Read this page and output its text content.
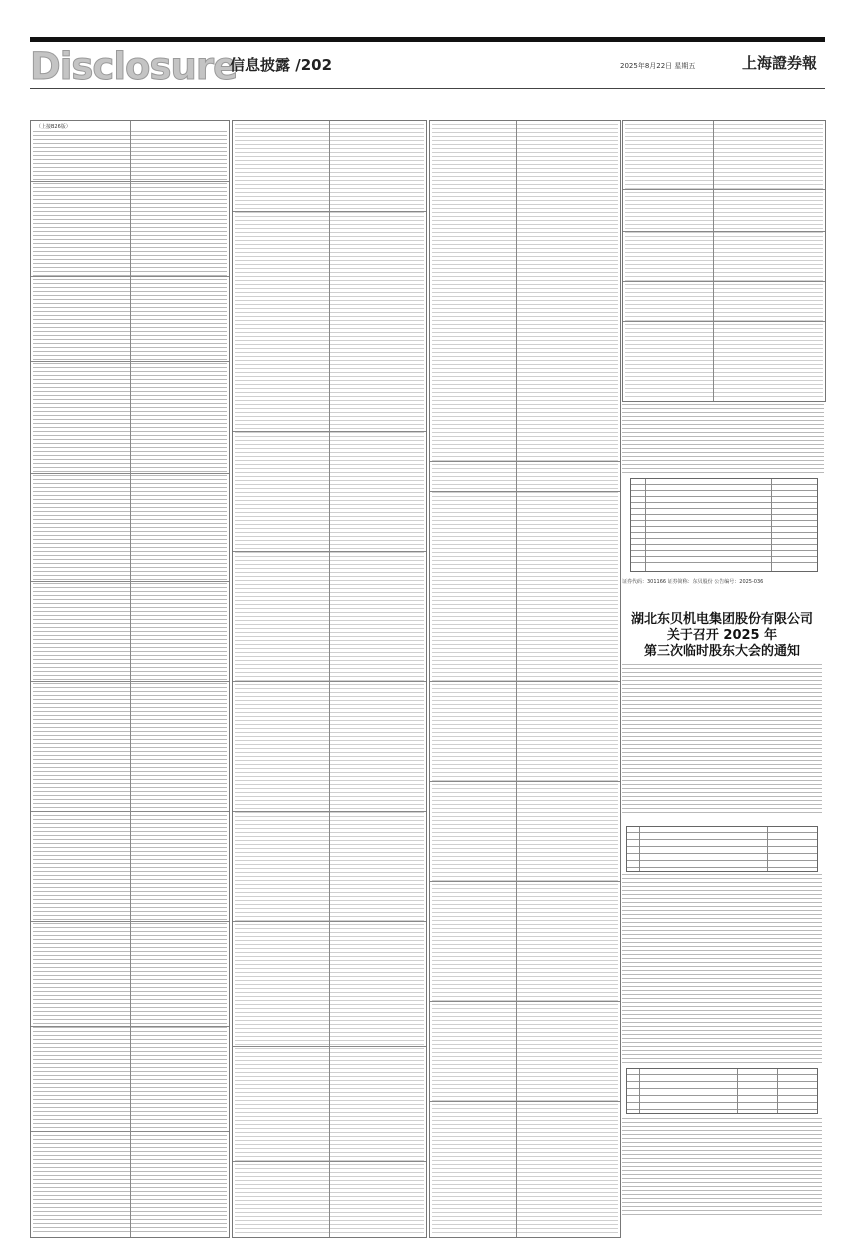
Disclosure
信息披露 /202	2025年8月22日 星期五	上海證券報
（上接B26版）
证券代码：301166 证券简称：东贝股份 公告编号：2025-036
湖北东贝机电集团股份有限公司
关于召开 2025 年
第三次临时股东大会的通知
